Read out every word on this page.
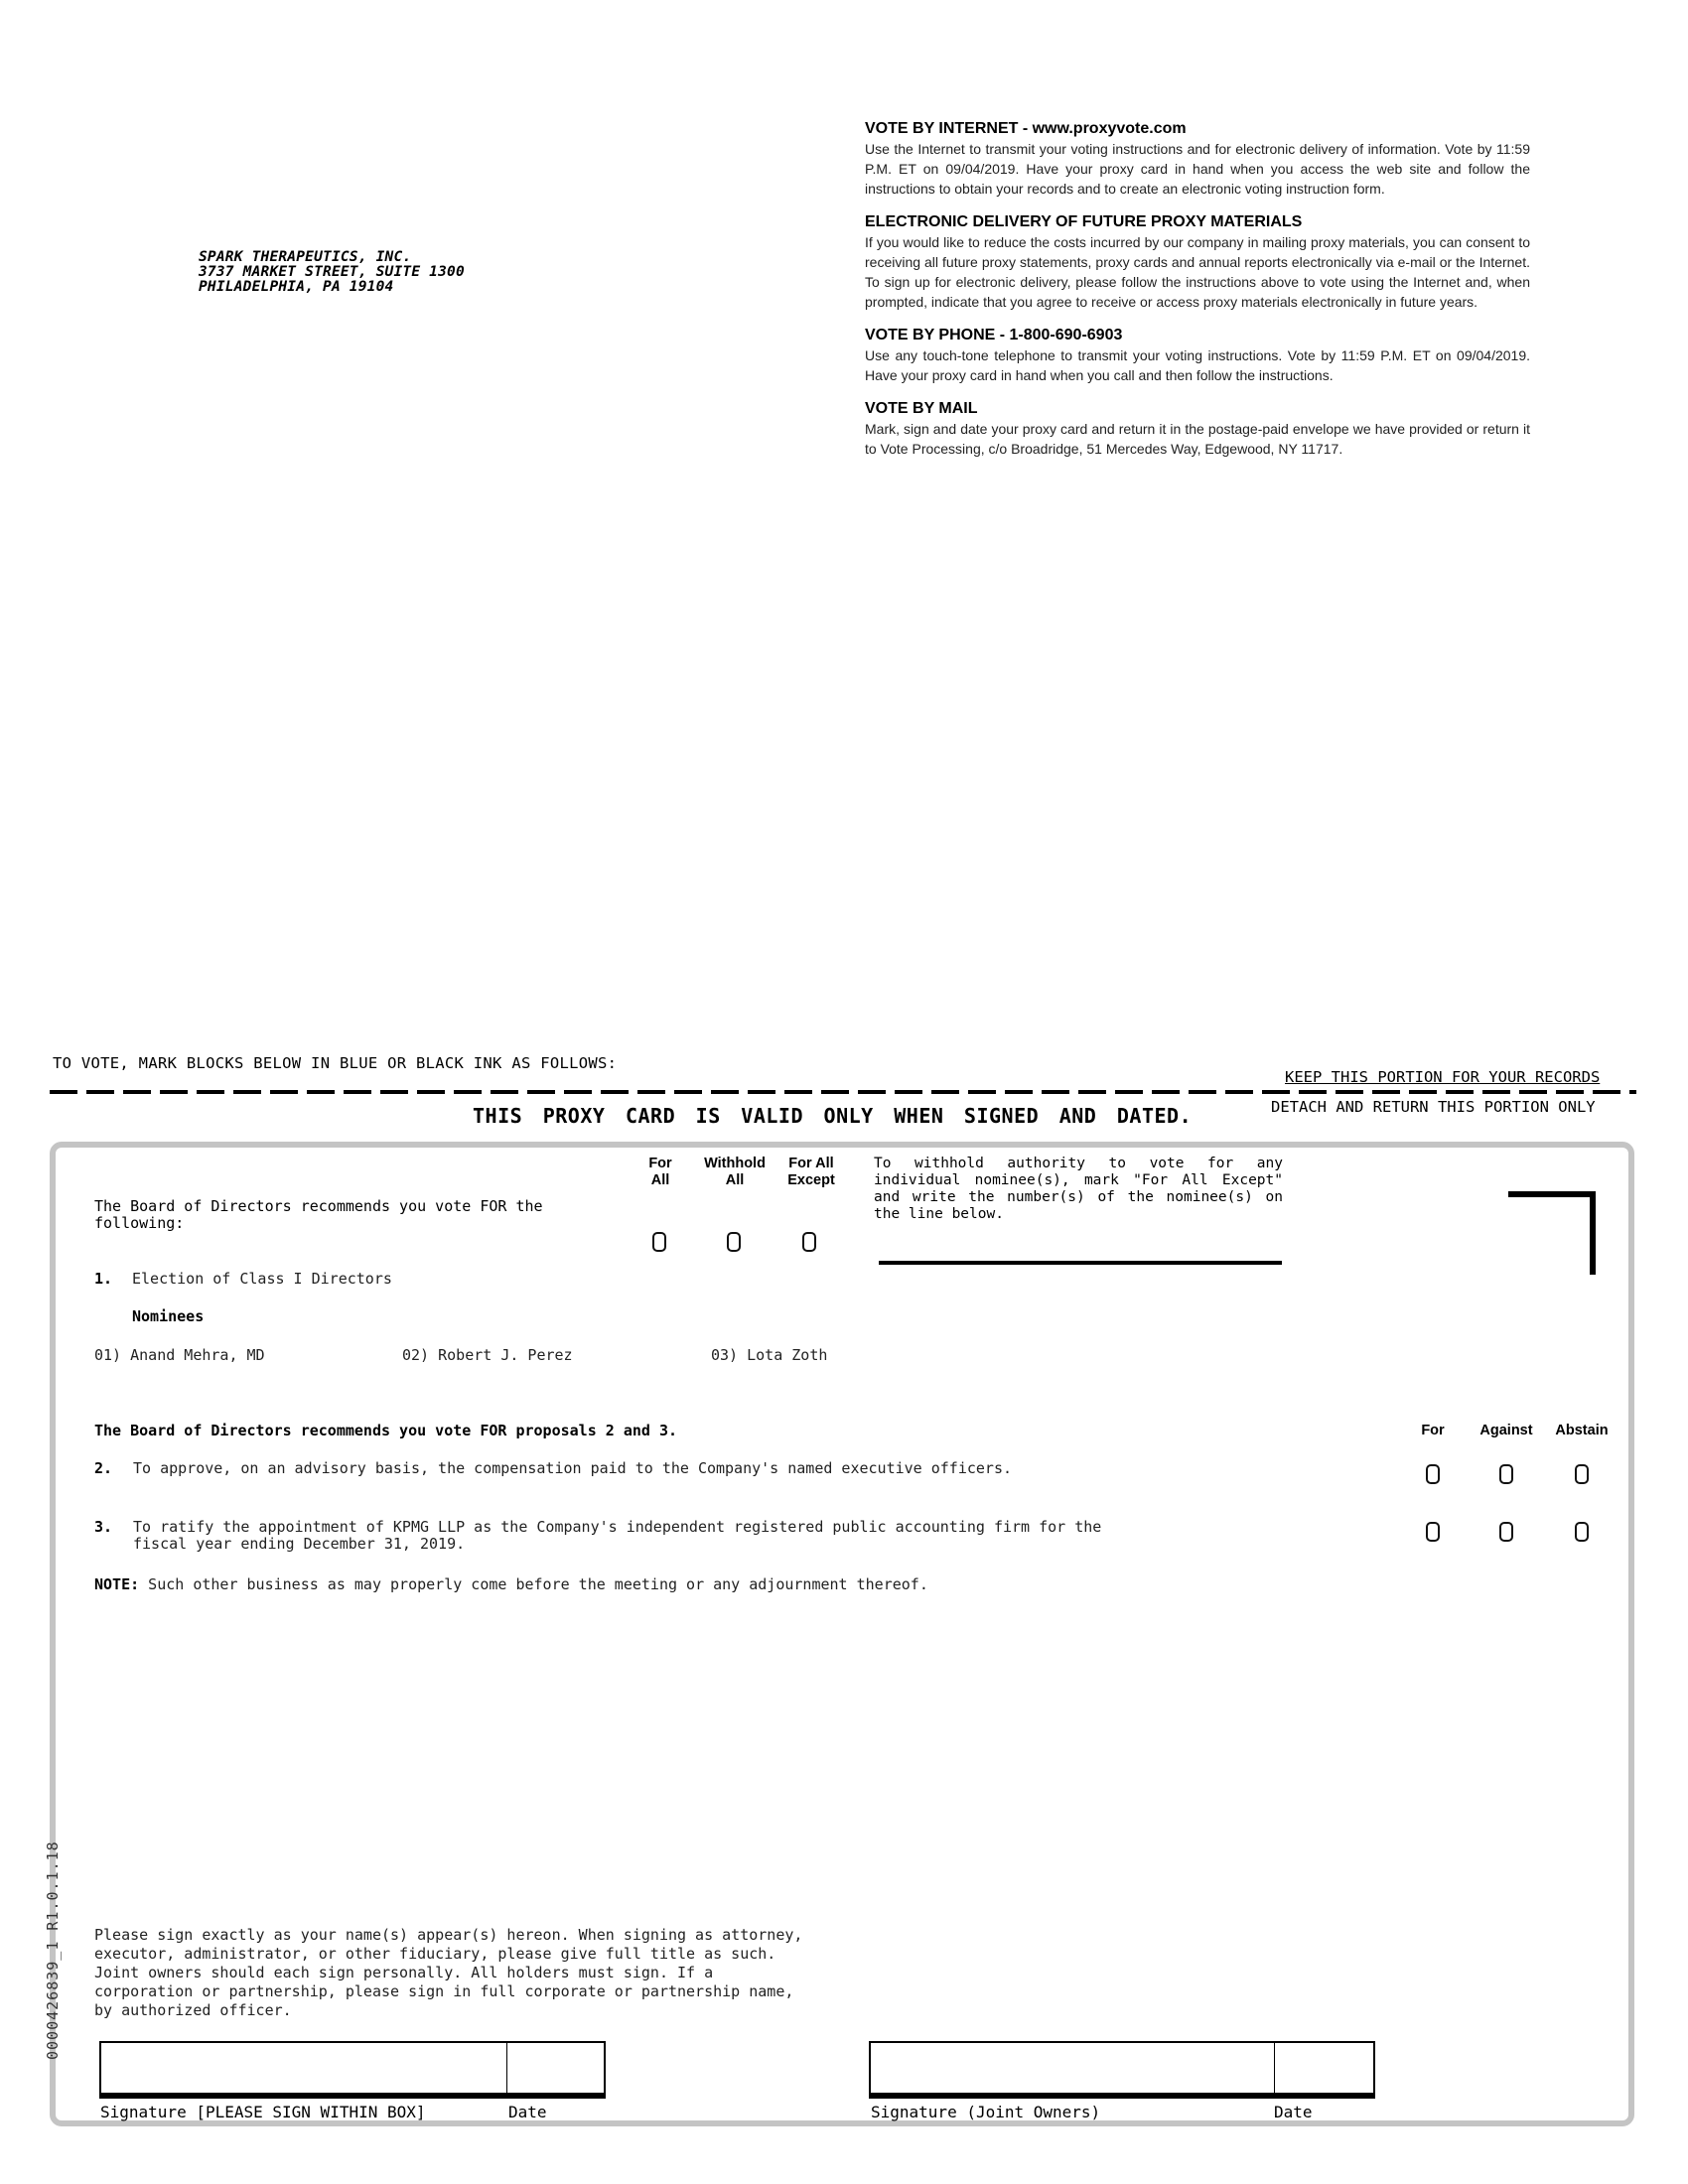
SPARK THERAPEUTICS, INC.
3737 MARKET STREET, SUITE 1300
PHILADELPHIA, PA 19104
VOTE BY INTERNET - www.proxyvote.com

Use the Internet to transmit your voting instructions and for electronic delivery of information. Vote by 11:59 P.M. ET on 09/04/2019. Have your proxy card in hand when you access the web site and follow the instructions to obtain your records and to create an electronic voting instruction form.

ELECTRONIC DELIVERY OF FUTURE PROXY MATERIALS

If you would like to reduce the costs incurred by our company in mailing proxy materials, you can consent to receiving all future proxy statements, proxy cards and annual reports electronically via e-mail or the Internet. To sign up for electronic delivery, please follow the instructions above to vote using the Internet and, when prompted, indicate that you agree to receive or access proxy materials electronically in future years.

VOTE BY PHONE - 1-800-690-6903

Use any touch-tone telephone to transmit your voting instructions. Vote by 11:59 P.M. ET on 09/04/2019. Have your proxy card in hand when you call and then follow the instructions.

VOTE BY MAIL

Mark, sign and date your proxy card and return it in the postage-paid envelope we have provided or return it to Vote Processing, c/o Broadridge, 51 Mercedes Way, Edgewood, NY 11717.

TO VOTE, MARK BLOCKS BELOW IN BLUE OR BLACK INK AS FOLLOWS:
KEEP THIS PORTION FOR YOUR RECORDS
DETACH AND RETURN THIS PORTION ONLY
THIS PROXY CARD IS VALID ONLY WHEN SIGNED AND DATED.
The Board of Directors recommends you vote FOR the following:
For
All
Withhold
All
For All
Except
To withhold authority to vote for any individual nominee(s), mark "For All Except" and write the number(s) of the nominee(s) on the line below.
1. Election of Class I Directors
Nominees
01) Anand Mehra, MD	02) Robert J. Perez	03) Lota Zoth
The Board of Directors recommends you vote FOR proposals 2 and 3.	For	Against	Abstain
2. To approve, on an advisory basis, the compensation paid to the Company's named executive officers.
3. To ratify the appointment of KPMG LLP as the Company's independent registered public accounting firm for the
fiscal year ending December 31, 2019.
NOTE: Such other business as may properly come before the meeting or any adjournment thereof.
Please sign exactly as your name(s) appear(s) hereon. When signing as attorney, executor, administrator, or other fiduciary, please give full title as such. Joint owners should each sign personally. All holders must sign. If a corporation or partnership, please sign in full corporate or partnership name, by authorized officer.
Signature [PLEASE SIGN WITHIN BOX]	Date	Signature (Joint Owners)	Date
0000426839_1 R1.0.1.18
